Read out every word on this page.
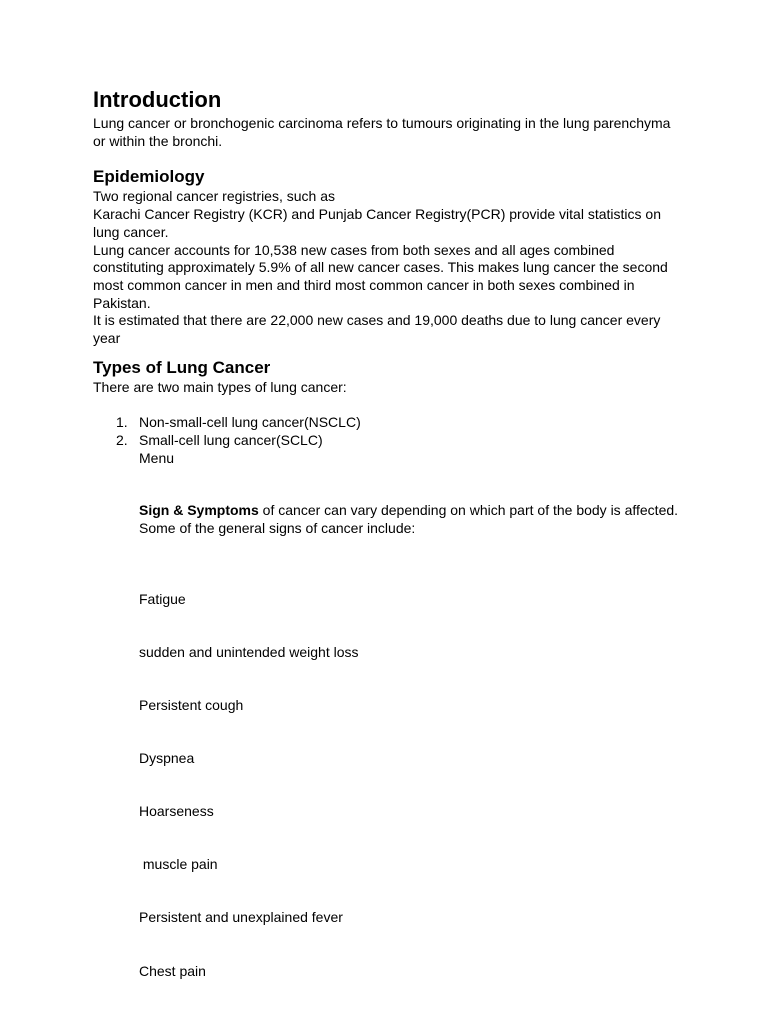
Introduction

Lung cancer or bronchogenic carcinoma refers to tumours originating in the lung parenchyma or within the bronchi.

Epidemiology

Two regional cancer registries, such as

Karachi Cancer Registry (KCR) and Punjab Cancer Registry(PCR) provide vital statistics on lung cancer.

Lung cancer accounts for 10,538 new cases from both sexes and all ages combined constituting approximately 5.9% of all new cancer cases. This makes lung cancer the second most common cancer in men and third most common cancer in both sexes combined in Pakistan.

It is estimated that there are 22,000 new cases and 19,000 deaths due to lung cancer every year

Types of Lung Cancer

There are two main types of lung cancer:

1. Non-small-cell lung cancer(NSCLC)
2. Small-cell lung cancer(SCLC)

Menu

Sign & Symptoms of cancer can vary depending on which part of the body is affected. Some of the general signs of cancer include:

Fatigue

sudden and unintended weight loss

Persistent cough

Dyspnea

Hoarseness

muscle pain

Persistent and unexplained fever

Chest pain
